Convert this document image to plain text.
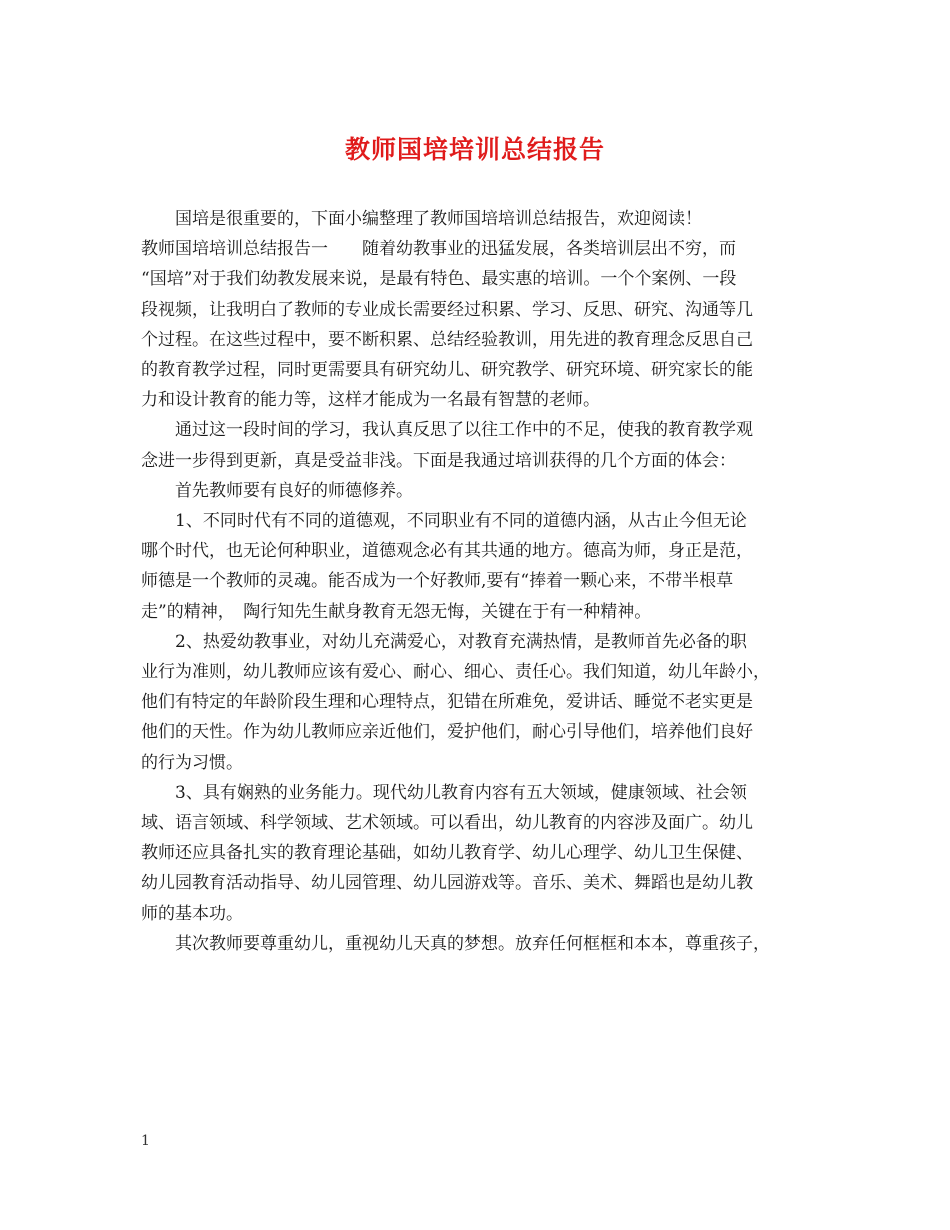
教师国培培训总结报告
　　国培是很重要的，下面小编整理了教师国培培训总结报告，欢迎阅读！
教师国培培训总结报告一　　随着幼教事业的迅猛发展，各类培训层出不穷，而
“国培”对于我们幼教发展来说，是最有特色、最实惠的培训。一个个案例、一段
段视频，让我明白了教师的专业成长需要经过积累、学习、反思、研究、沟通等几
个过程。在这些过程中，要不断积累、总结经验教训，用先进的教育理念反思自己
的教育教学过程，同时更需要具有研究幼儿、研究教学、研究环境、研究家长的能
力和设计教育的能力等，这样才能成为一名最有智慧的老师。
　　通过这一段时间的学习，我认真反思了以往工作中的不足，使我的教育教学观
念进一步得到更新，真是受益非浅。下面是我通过培训获得的几个方面的体会：
　　首先教师要有良好的师德修养。
　　1、不同时代有不同的道德观，不同职业有不同的道德内涵，从古止今但无论
哪个时代，也无论何种职业，道德观念必有其共通的地方。德高为师，身正是范，
师德是一个教师的灵魂。能否成为一个好教师,要有“捧着一颗心来，不带半根草
走”的精神，　陶行知先生献身教育无怨无悔，关键在于有一种精神。
　　2、热爱幼教事业，对幼儿充满爱心，对教育充满热情，是教师首先必备的职
业行为准则，幼儿教师应该有爱心、耐心、细心、责任心。我们知道，幼儿年龄小，
他们有特定的年龄阶段生理和心理特点，犯错在所难免，爱讲话、睡觉不老实更是
他们的天性。作为幼儿教师应亲近他们，爱护他们，耐心引导他们，培养他们良好
的行为习惯。
　　3、具有娴熟的业务能力。现代幼儿教育内容有五大领域，健康领域、社会领
域、语言领域、科学领域、艺术领域。可以看出，幼儿教育的内容涉及面广。幼儿
教师还应具备扎实的教育理论基础，如幼儿教育学、幼儿心理学、幼儿卫生保健、
幼儿园教育活动指导、幼儿园管理、幼儿园游戏等。音乐、美术、舞蹈也是幼儿教
师的基本功。
　　其次教师要尊重幼儿，重视幼儿天真的梦想。放弃任何框框和本本，尊重孩子，
1
